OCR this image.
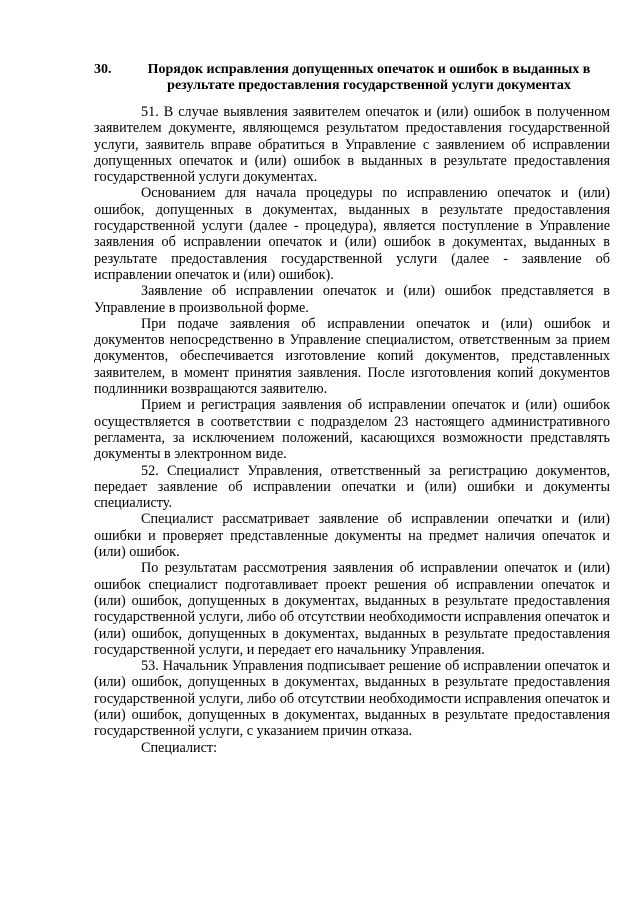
30.	Порядок исправления допущенных опечаток и ошибок в выданных в результате предоставления государственной услуги документах

51. В случае выявления заявителем опечаток и (или) ошибок в полученном заявителем документе, являющемся результатом предоставления государственной услуги, заявитель вправе обратиться в Управление с заявлением об исправлении допущенных опечаток и (или) ошибок в выданных в результате предоставления государственной услуги документах.

Основанием для начала процедуры по исправлению опечаток и (или) ошибок, допущенных в документах, выданных в результате предоставления государственной услуги (далее - процедура), является поступление в Управление заявления об исправлении опечаток и (или) ошибок в документах, выданных в результате предоставления государственной услуги (далее - заявление об исправлении опечаток и (или) ошибок).

Заявление об исправлении опечаток и (или) ошибок представляется в Управление в произвольной форме.

При подаче заявления об исправлении опечаток и (или) ошибок и документов непосредственно в Управление специалистом, ответственным за прием документов, обеспечивается изготовление копий документов, представленных заявителем, в момент принятия заявления. После изготовления копий документов подлинники возвращаются заявителю.

Прием и регистрация заявления об исправлении опечаток и (или) ошибок осуществляется в соответствии с подразделом 23 настоящего административного регламента, за исключением положений, касающихся возможности представлять документы в электронном виде.

52. Специалист Управления, ответственный за регистрацию документов, передает заявление об исправлении опечатки и (или) ошибки и документы специалисту.

Специалист рассматривает заявление об исправлении опечатки и (или) ошибки и проверяет представленные документы на предмет наличия опечаток и (или) ошибок.

По результатам рассмотрения заявления об исправлении опечаток и (или) ошибок специалист подготавливает проект решения об исправлении опечаток и (или) ошибок, допущенных в документах, выданных в результате предоставления государственной услуги, либо об отсутствии необходимости исправления опечаток и (или) ошибок, допущенных в документах, выданных в результате предоставления государственной услуги, и передает его начальнику Управления.

53. Начальник Управления подписывает решение об исправлении опечаток и (или) ошибок, допущенных в документах, выданных в результате предоставления государственной услуги, либо об отсутствии необходимости исправления опечаток и (или) ошибок, допущенных в документах, выданных в результате предоставления государственной услуги, с указанием причин отказа.

Специалист:
